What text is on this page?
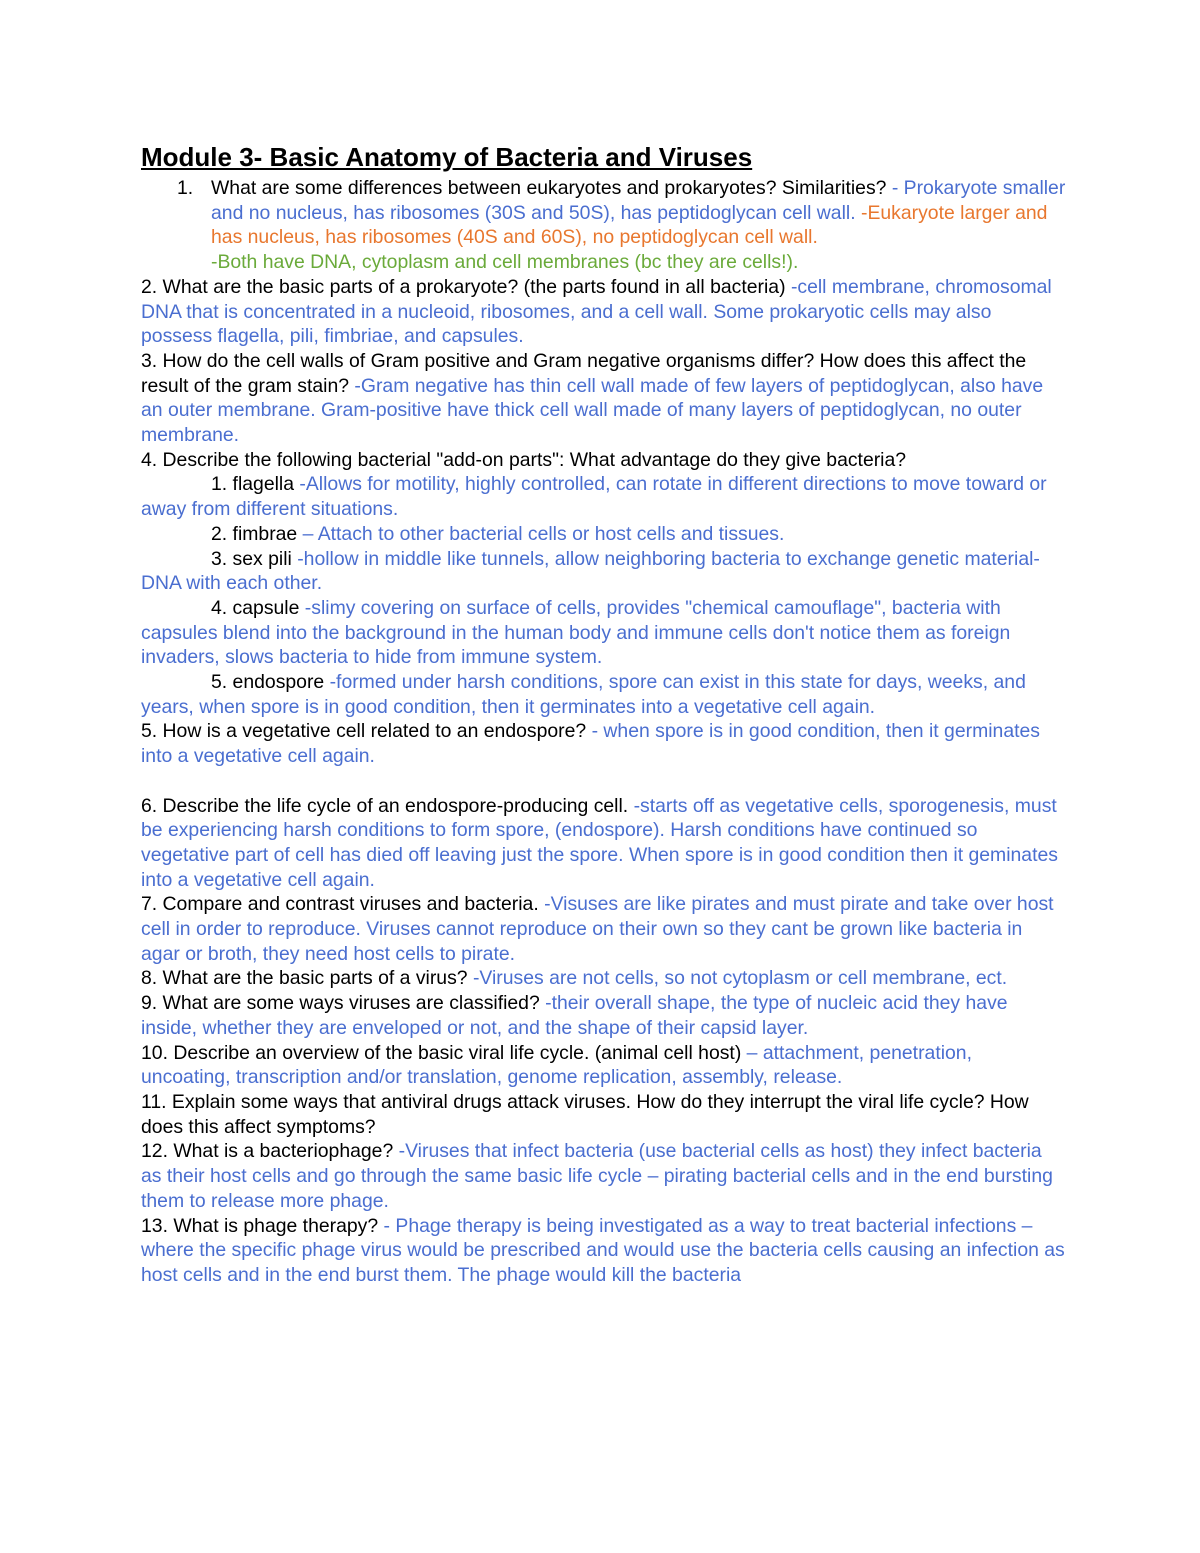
Module 3- Basic Anatomy of Bacteria and Viruses
1. What are some differences between eukaryotes and prokaryotes? Similarities? - Prokaryote smaller and no nucleus, has ribosomes (30S and 50S), has peptidoglycan cell wall. -Eukaryote larger and has nucleus, has ribosomes (40S and 60S), no peptidoglycan cell wall.
-Both have DNA, cytoplasm and cell membranes (bc they are cells!).
2. What are the basic parts of a prokaryote? (the parts found in all bacteria) -cell membrane, chromosomal DNA that is concentrated in a nucleoid, ribosomes, and a cell wall. Some prokaryotic cells may also possess flagella, pili, fimbriae, and capsules.
3. How do the cell walls of Gram positive and Gram negative organisms differ? How does this affect the result of the gram stain? -Gram negative has thin cell wall made of few layers of peptidoglycan, also have an outer membrane. Gram-positive have thick cell wall made of many layers of peptidoglycan, no outer membrane.
4. Describe the following bacterial "add-on parts": What advantage do they give bacteria?
1. flagella -Allows for motility, highly controlled, can rotate in different directions to move toward or away from different situations.
2. fimbrae – Attach to other bacterial cells or host cells and tissues.
3. sex pili -hollow in middle like tunnels, allow neighboring bacteria to exchange genetic material-DNA with each other.
4. capsule -slimy covering on surface of cells, provides "chemical camouflage", bacteria with capsules blend into the background in the human body and immune cells don't notice them as foreign invaders, slows bacteria to hide from immune system.
5. endospore -formed under harsh conditions, spore can exist in this state for days, weeks, and years, when spore is in good condition, then it germinates into a vegetative cell again.
5. How is a vegetative cell related to an endospore? - when spore is in good condition, then it germinates into a vegetative cell again.
6. Describe the life cycle of an endospore-producing cell. -starts off as vegetative cells, sporogenesis, must be experiencing harsh conditions to form spore, (endospore). Harsh conditions have continued so vegetative part of cell has died off leaving just the spore. When spore is in good condition then it geminates into a vegetative cell again.
7. Compare and contrast viruses and bacteria. -Visuses are like pirates and must pirate and take over host cell in order to reproduce. Viruses cannot reproduce on their own so they cant be grown like bacteria in agar or broth, they need host cells to pirate.
8. What are the basic parts of a virus? -Viruses are not cells, so not cytoplasm or cell membrane, ect.
9. What are some ways viruses are classified? -their overall shape, the type of nucleic acid they have inside, whether they are enveloped or not, and the shape of their capsid layer.
10. Describe an overview of the basic viral life cycle. (animal cell host) – attachment, penetration, uncoating, transcription and/or translation, genome replication, assembly, release.
11. Explain some ways that antiviral drugs attack viruses. How do they interrupt the viral life cycle? How does this affect symptoms?
12. What is a bacteriophage? -Viruses that infect bacteria (use bacterial cells as host) they infect bacteria as their host cells and go through the same basic life cycle – pirating bacterial cells and in the end bursting them to release more phage.
13. What is phage therapy? - Phage therapy is being investigated as a way to treat bacterial infections – where the specific phage virus would be prescribed and would use the bacteria cells causing an infection as host cells and in the end burst them. The phage would kill the bacteria
